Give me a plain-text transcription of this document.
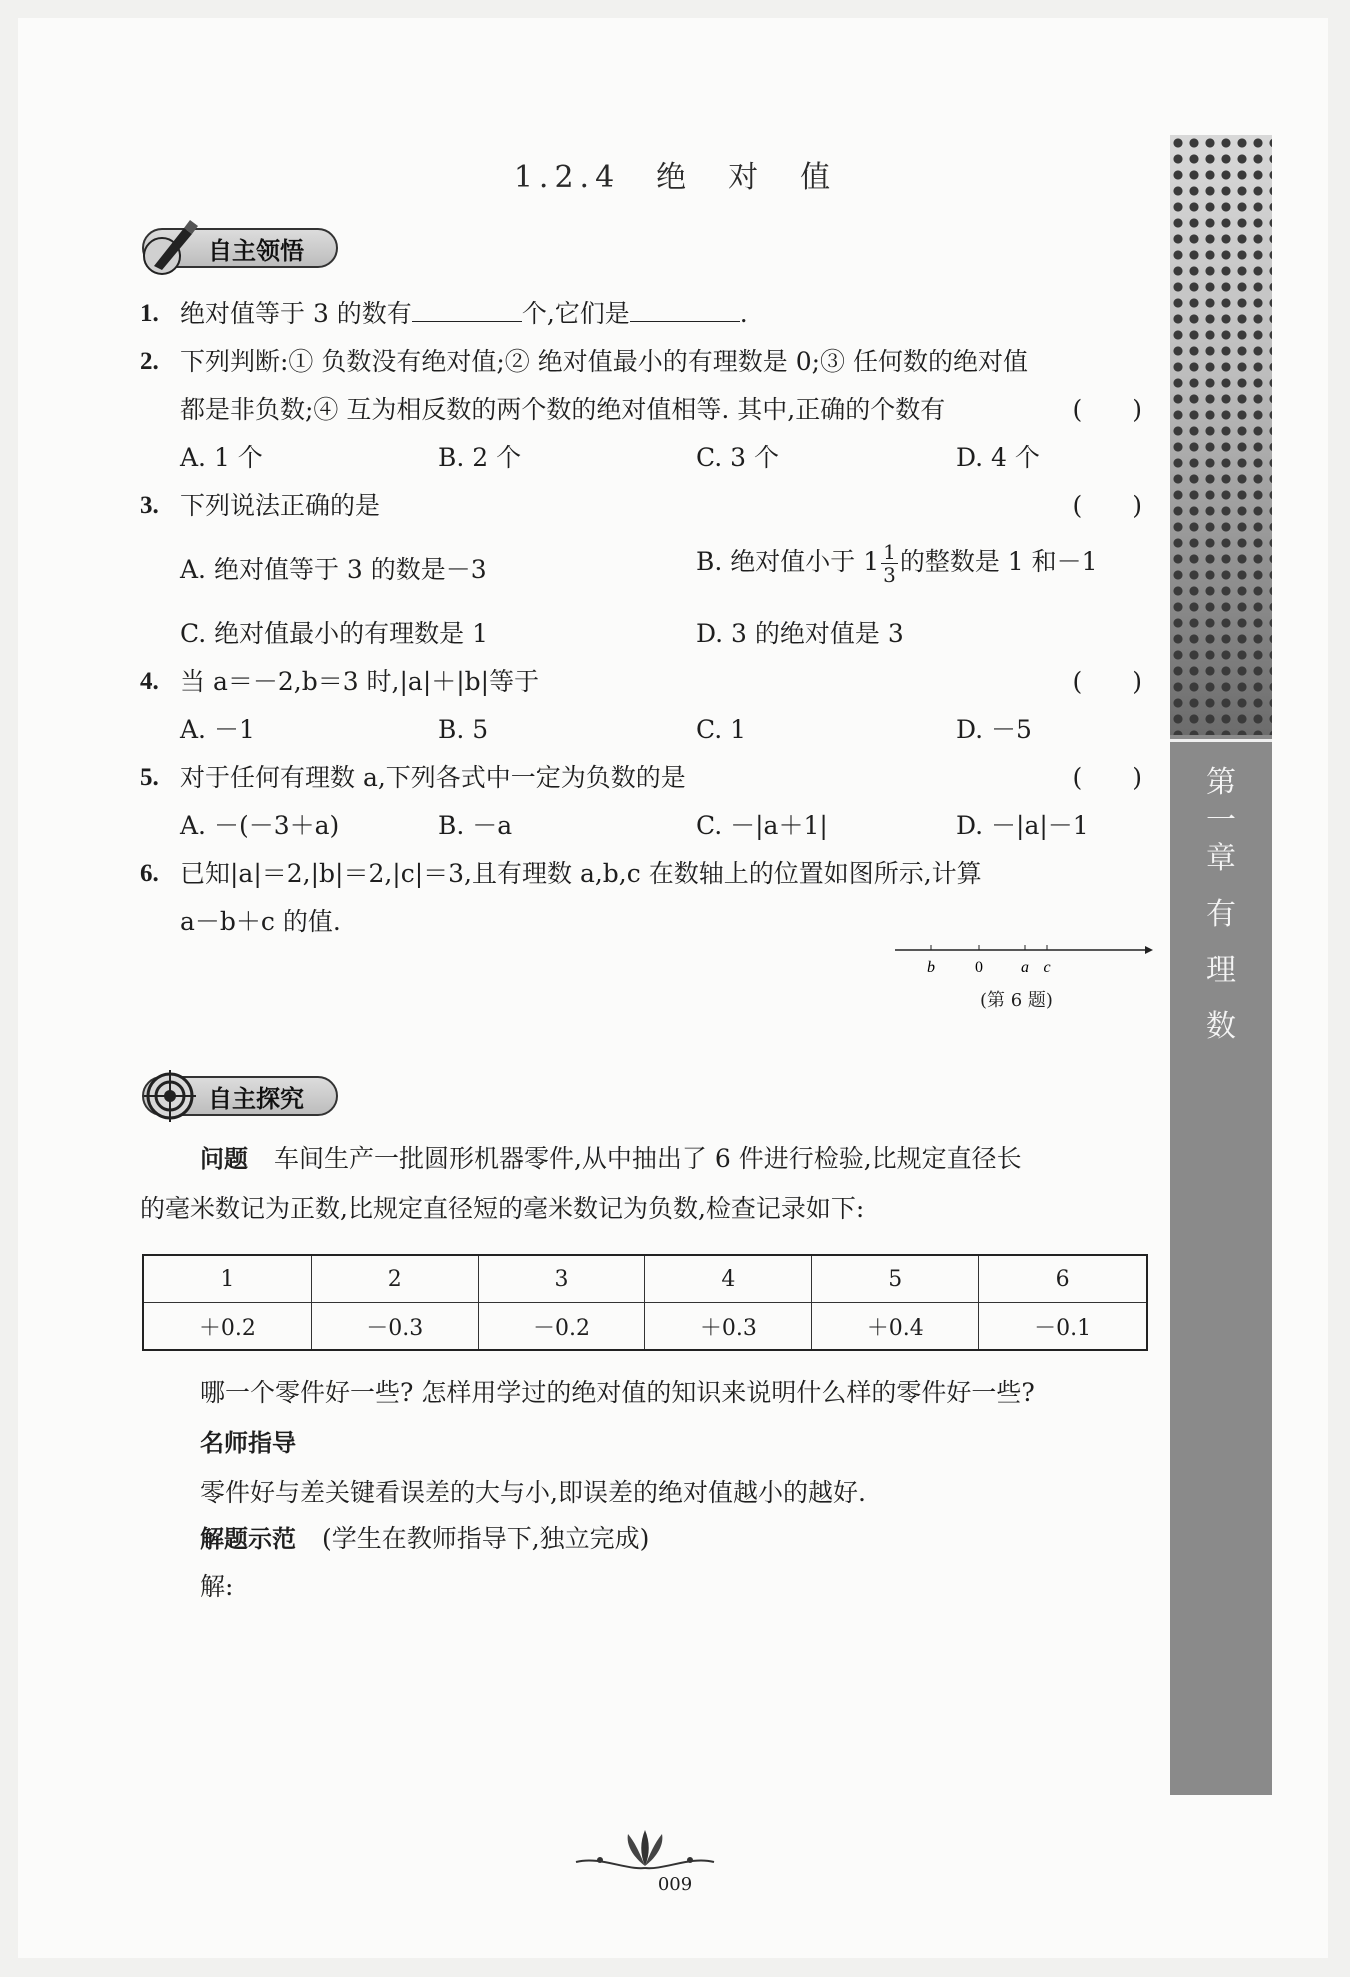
1.2.4　绝　对　值
自主领悟
1. 绝对值等于 3 的数有	个,它们是	.
2. 下列判断:① 负数没有绝对值;② 绝对值最小的有理数是 0;③ 任何数的绝对值
都是非负数;④ 互为相反数的两个数的绝对值相等. 其中,正确的个数有	(　　)
A. 1 个	B. 2 个	C. 3 个	D. 4 个
3. 下列说法正确的是	(　　)
A. 绝对值等于 3 的数是－3	B. 绝对值小于 $1 \frac{1}{3}$ 的整数是 1 和－1
C. 绝对值最小的有理数是 1	D. 3 的绝对值是 3
4. 当 a＝－2,b＝3 时,|a|＋|b|等于	(　　)
A. －1	B. 5	C. 1	D. －5
5. 对于任何有理数 a,下列各式中一定为负数的是	(　　)
A. －(－3＋a)	B. －a	C. －|a＋1|	D. －|a|－1
6. 已知|a|＝2,|b|＝2,|c|＝3,且有理数 a,b,c 在数轴上的位置如图所示,计算
a－b＋c 的值.
b	0 a c
(第 6 题)
自主探究
问题 车间生产一批圆形机器零件,从中抽出了 6 件进行检验,比规定直径长
的毫米数记为正数,比规定直径短的毫米数记为负数,检查记录如下:
1	2	3	4	5	6
＋0.2	－0.3	－0.2	＋0.3	＋0.4	－0.1
哪一个零件好一些? 怎样用学过的绝对值的知识来说明什么样的零件好一些?
名师指导
零件好与差关键看误差的大与小,即误差的绝对值越小的越好.
解题示范 (学生在教师指导下,独立完成)
解:
第
一
章
有
理
数
009
